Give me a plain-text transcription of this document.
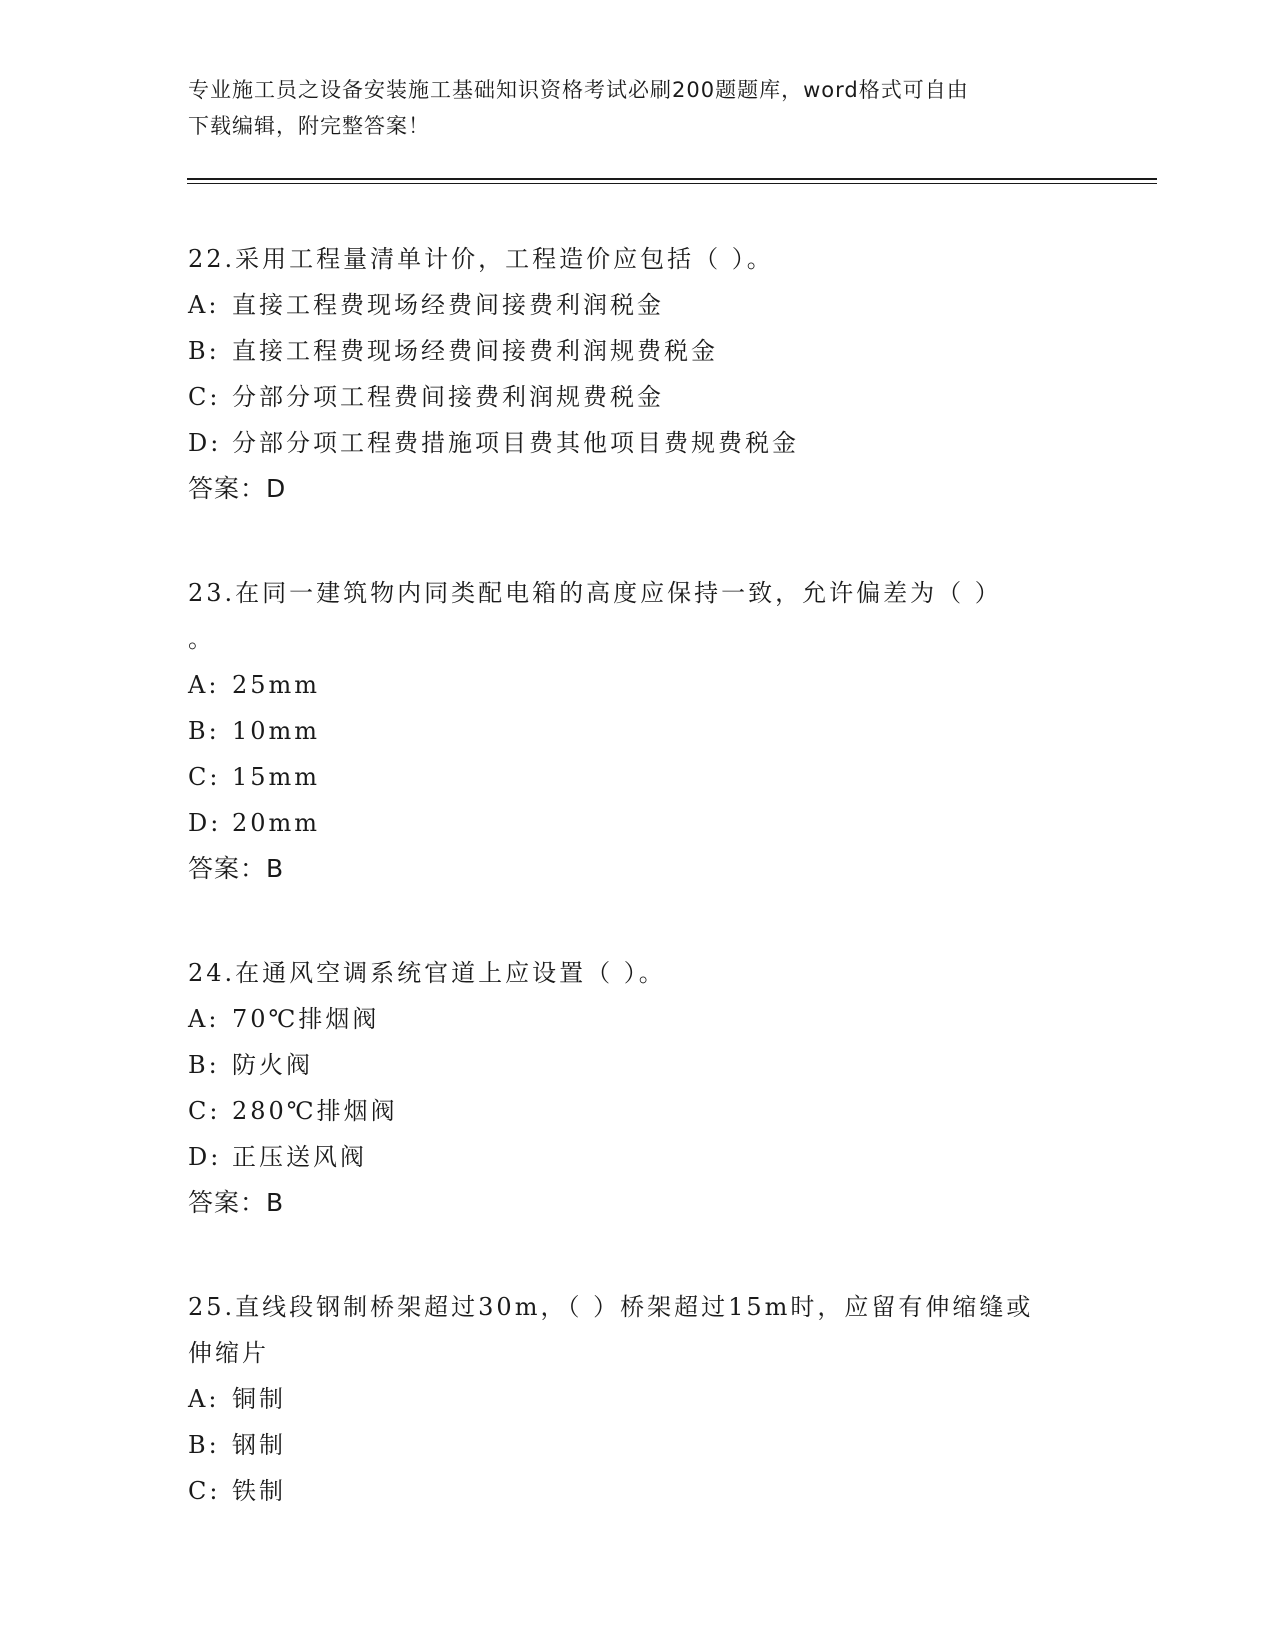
专业施工员之设备安装施工基础知识资格考试必刷200题题库，word格式可自由
下载编辑，附完整答案！
22.采用工程量清单计价，工程造价应包括（ ）。
A: 直接工程费现场经费间接费利润税金
B: 直接工程费现场经费间接费利润规费税金
C: 分部分项工程费间接费利润规费税金
D: 分部分项工程费措施项目费其他项目费规费税金
答案：D
23.在同一建筑物内同类配电箱的高度应保持一致，允许偏差为（ ）
。
A: 25mm
B: 10mm
C: 15mm
D: 20mm
答案：B
24.在通风空调系统官道上应设置（ ）。
A: 70℃排烟阀
B: 防火阀
C: 280℃排烟阀
D: 正压送风阀
答案：B
25.直线段钢制桥架超过30m，（ ）桥架超过15m时，应留有伸缩缝或
伸缩片
A: 铜制
B: 钢制
C: 铁制
